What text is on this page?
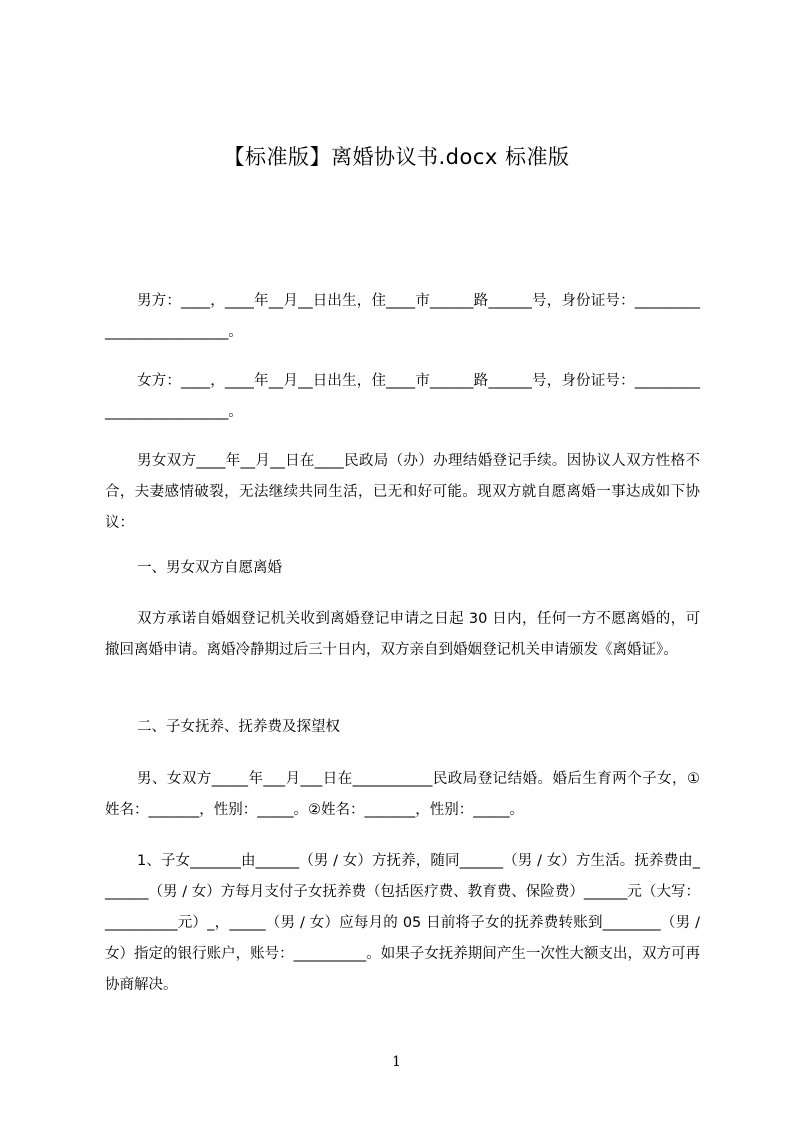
【标准版】离婚协议书.docx 标准版

男方：____，____年__月__日出生，住____市______路______号，身份证号：__________________________。

女方：____，____年__月__日出生，住____市______路______号，身份证号：__________________________。

男女双方____年__月__日在____民政局（办）办理结婚登记手续。因协议人双方性格不合，夫妻感情破裂，无法继续共同生活，已无和好可能。现双方就自愿离婚一事达成如下协议：

一、男女双方自愿离婚

双方承诺自婚姻登记机关收到离婚登记申请之日起 30 日内，任何一方不愿离婚的，可撤回离婚申请。离婚冷静期过后三十日内，双方亲自到婚姻登记机关申请颁发《离婚证》。

二、子女抚养、抚养费及探望权

男、女双方_____年___月___日在___________民政局登记结婚。婚后生育两个子女，①姓名：_______，性别：_____。②姓名：_______，性别：_____。

1、子女_______由______（男 / 女）方抚养，随同______（男 / 女）方生活。抚养费由_______（男 / 女）方每月支付子女抚养费（包括医疗费、教育费、保险费）______元（大写：__________元）_，_____（男 / 女）应每月的 05 日前将子女的抚养费转账到________（男 / 女）指定的银行账户，账号：__________。如果子女抚养期间产生一次性大额支出，双方可再协商解决。

1
